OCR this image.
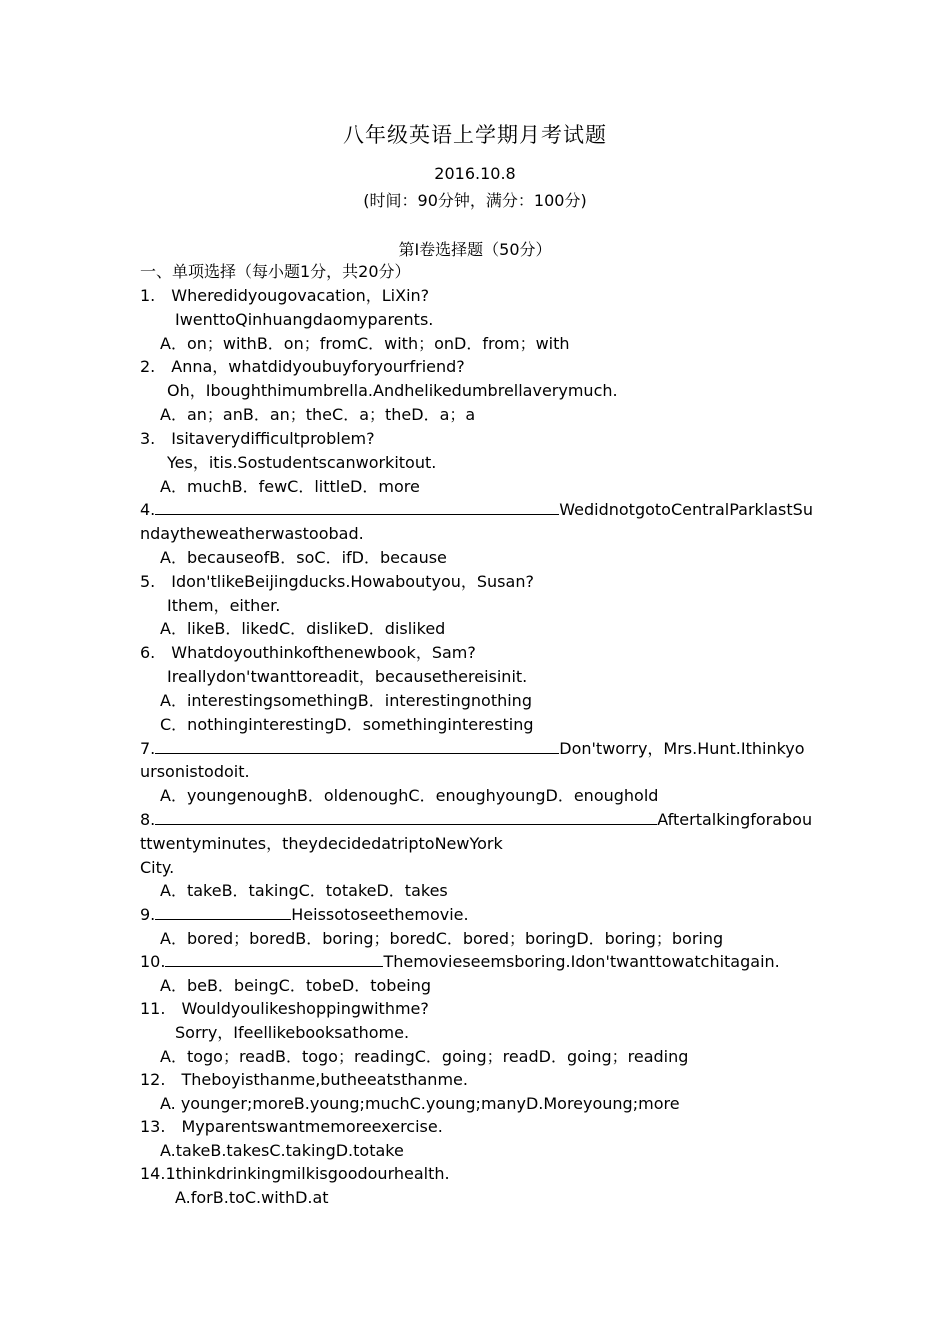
八年级英语上学期月考试题
2016.10.8
(时间：90分钟，满分：100分)
第I卷选择题（50分）
一、单项选择（每小题1分，共20分）
1.　Wheredidyougovacation，LiXin?
IwenttoQinhuangdaomyparents.
A．on；withB．on；fromC．with；onD．from；with
2.　Anna，whatdidyoubuyforyourfriend?
Oh，Iboughthimumbrella.Andhelikedumbrellaverymuch.
A．an；anB．an；theC．a；theD．a；a
3.　Isitaverydifficultproblem?
Yes，itis.Sostudentscanworkitout.
A．muchB．fewC．littleD．more
4.	WedidnotgotoCentralParklastSu
ndaytheweatherwastoobad.
A．becauseofB．soC．ifD．because
5.　Idon'tlikeBeijingducks.Howaboutyou，Susan?
Ithem，either.
A．likeB．likedC．dislikeD．disliked
6.　Whatdoyouthinkofthenewbook，Sam?
Ireallydon'twanttoreadit，becausethereisinit.
A．interestingsomethingB．interestingnothing
C．nothinginterestingD．somethinginteresting
7.	Don'tworry，Mrs.Hunt.Ithinkyo
ursonistodoit.
A．youngenoughB．oldenoughC．enoughyoungD．enoughold
8.	Aftertalkingforabou
ttwentyminutes，theydecidedatriptoNewYork
City.
A．takeB．takingC．totakeD．takes
9.	Heissotoseethemovie.
A．bored；boredB．boring；boredC．bored；boringD．boring；boring
10.	Themovieseemsboring.Idon'twanttowatchitagain.
A．beB．beingC．tobeD．tobeing
11.　Wouldyoulikeshoppingwithme?
Sorry，Ifeellikebooksathome.
A．togo；readB．togo；readingC．going；readD．going；reading
12.　Theboyisthanme,butheeatsthanme.
A. younger;moreB.young;muchC.young;manyD.Moreyoung;more
13.　Myparentswantmemoreexercise.
A.takeB.takesC.takingD.totake
14.1thinkdrinkingmilkisgoodourhealth.
A.forB.toC.withD.at
